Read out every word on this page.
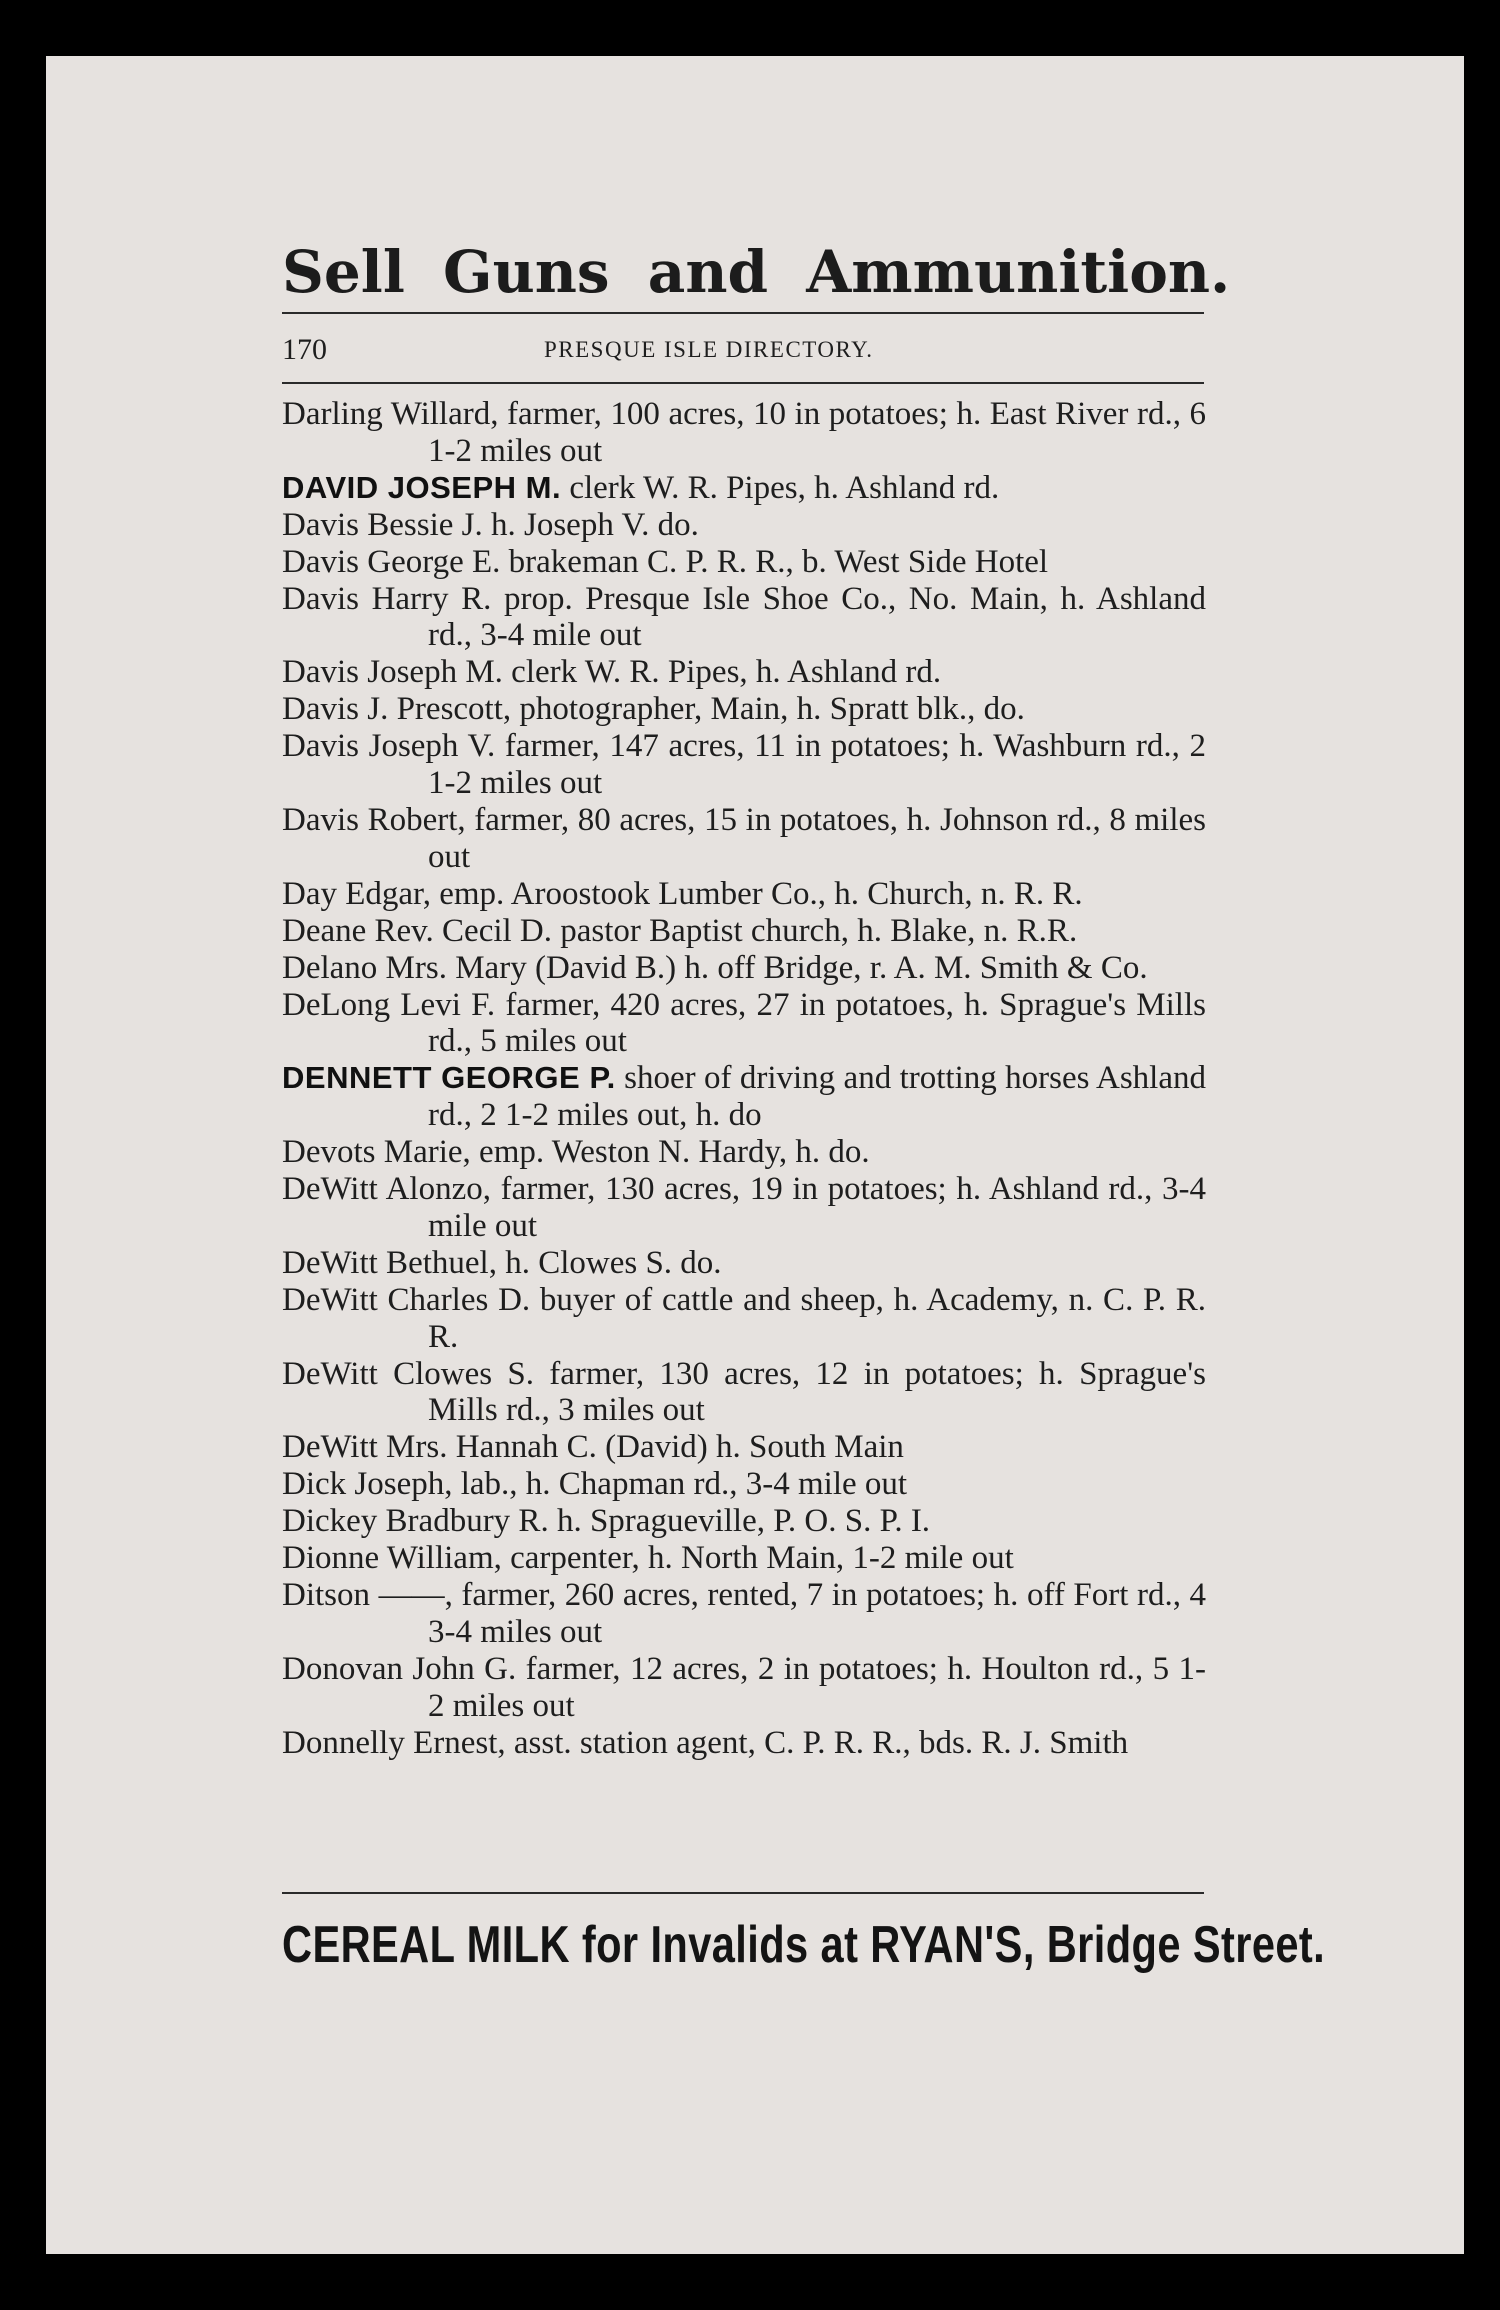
Sell Guns and Ammunition.
170	PRESQUE ISLE DIRECTORY.
Darling Willard, farmer, 100 acres, 10 in potatoes; h. East River rd., 6 1-2 miles out
DAVID JOSEPH M. clerk W. R. Pipes, h. Ashland rd.
Davis Bessie J. h. Joseph V. do.
Davis George E. brakeman C. P. R. R., b. West Side Hotel
Davis Harry R. prop. Presque Isle Shoe Co., No. Main, h. Ashland rd., 3-4 mile out
Davis Joseph M. clerk W. R. Pipes, h. Ashland rd.
Davis J. Prescott, photographer, Main, h. Spratt blk., do.
Davis Joseph V. farmer, 147 acres, 11 in potatoes; h. Washburn rd., 2 1-2 miles out
Davis Robert, farmer, 80 acres, 15 in potatoes, h. Johnson rd., 8 miles out
Day Edgar, emp. Aroostook Lumber Co., h. Church, n. R. R.
Deane Rev. Cecil D. pastor Baptist church, h. Blake, n. R.R.
Delano Mrs. Mary (David B.) h. off Bridge, r. A. M. Smith & Co.
DeLong Levi F. farmer, 420 acres, 27 in potatoes, h. Sprague's Mills rd., 5 miles out
DENNETT GEORGE P. shoer of driving and trotting horses Ashland rd., 2 1-2 miles out, h. do
Devots Marie, emp. Weston N. Hardy, h. do.
DeWitt Alonzo, farmer, 130 acres, 19 in potatoes; h. Ashland rd., 3-4 mile out
DeWitt Bethuel, h. Clowes S. do.
DeWitt Charles D. buyer of cattle and sheep, h. Academy, n. C. P. R. R.
DeWitt Clowes S. farmer, 130 acres, 12 in potatoes; h. Sprague's Mills rd., 3 miles out
DeWitt Mrs. Hannah C. (David) h. South Main
Dick Joseph, lab., h. Chapman rd., 3-4 mile out
Dickey Bradbury R. h. Spragueville, P. O. S. P. I.
Dionne William, carpenter, h. North Main, 1-2 mile out
Ditson ——, farmer, 260 acres, rented, 7 in potatoes; h. off Fort rd., 4 3-4 miles out
Donovan John G. farmer, 12 acres, 2 in potatoes; h. Houlton rd., 5 1-2 miles out
Donnelly Ernest, asst. station agent, C. P. R. R., bds. R. J. Smith

CEREAL MILK for Invalids at RYAN'S, Bridge Street.
